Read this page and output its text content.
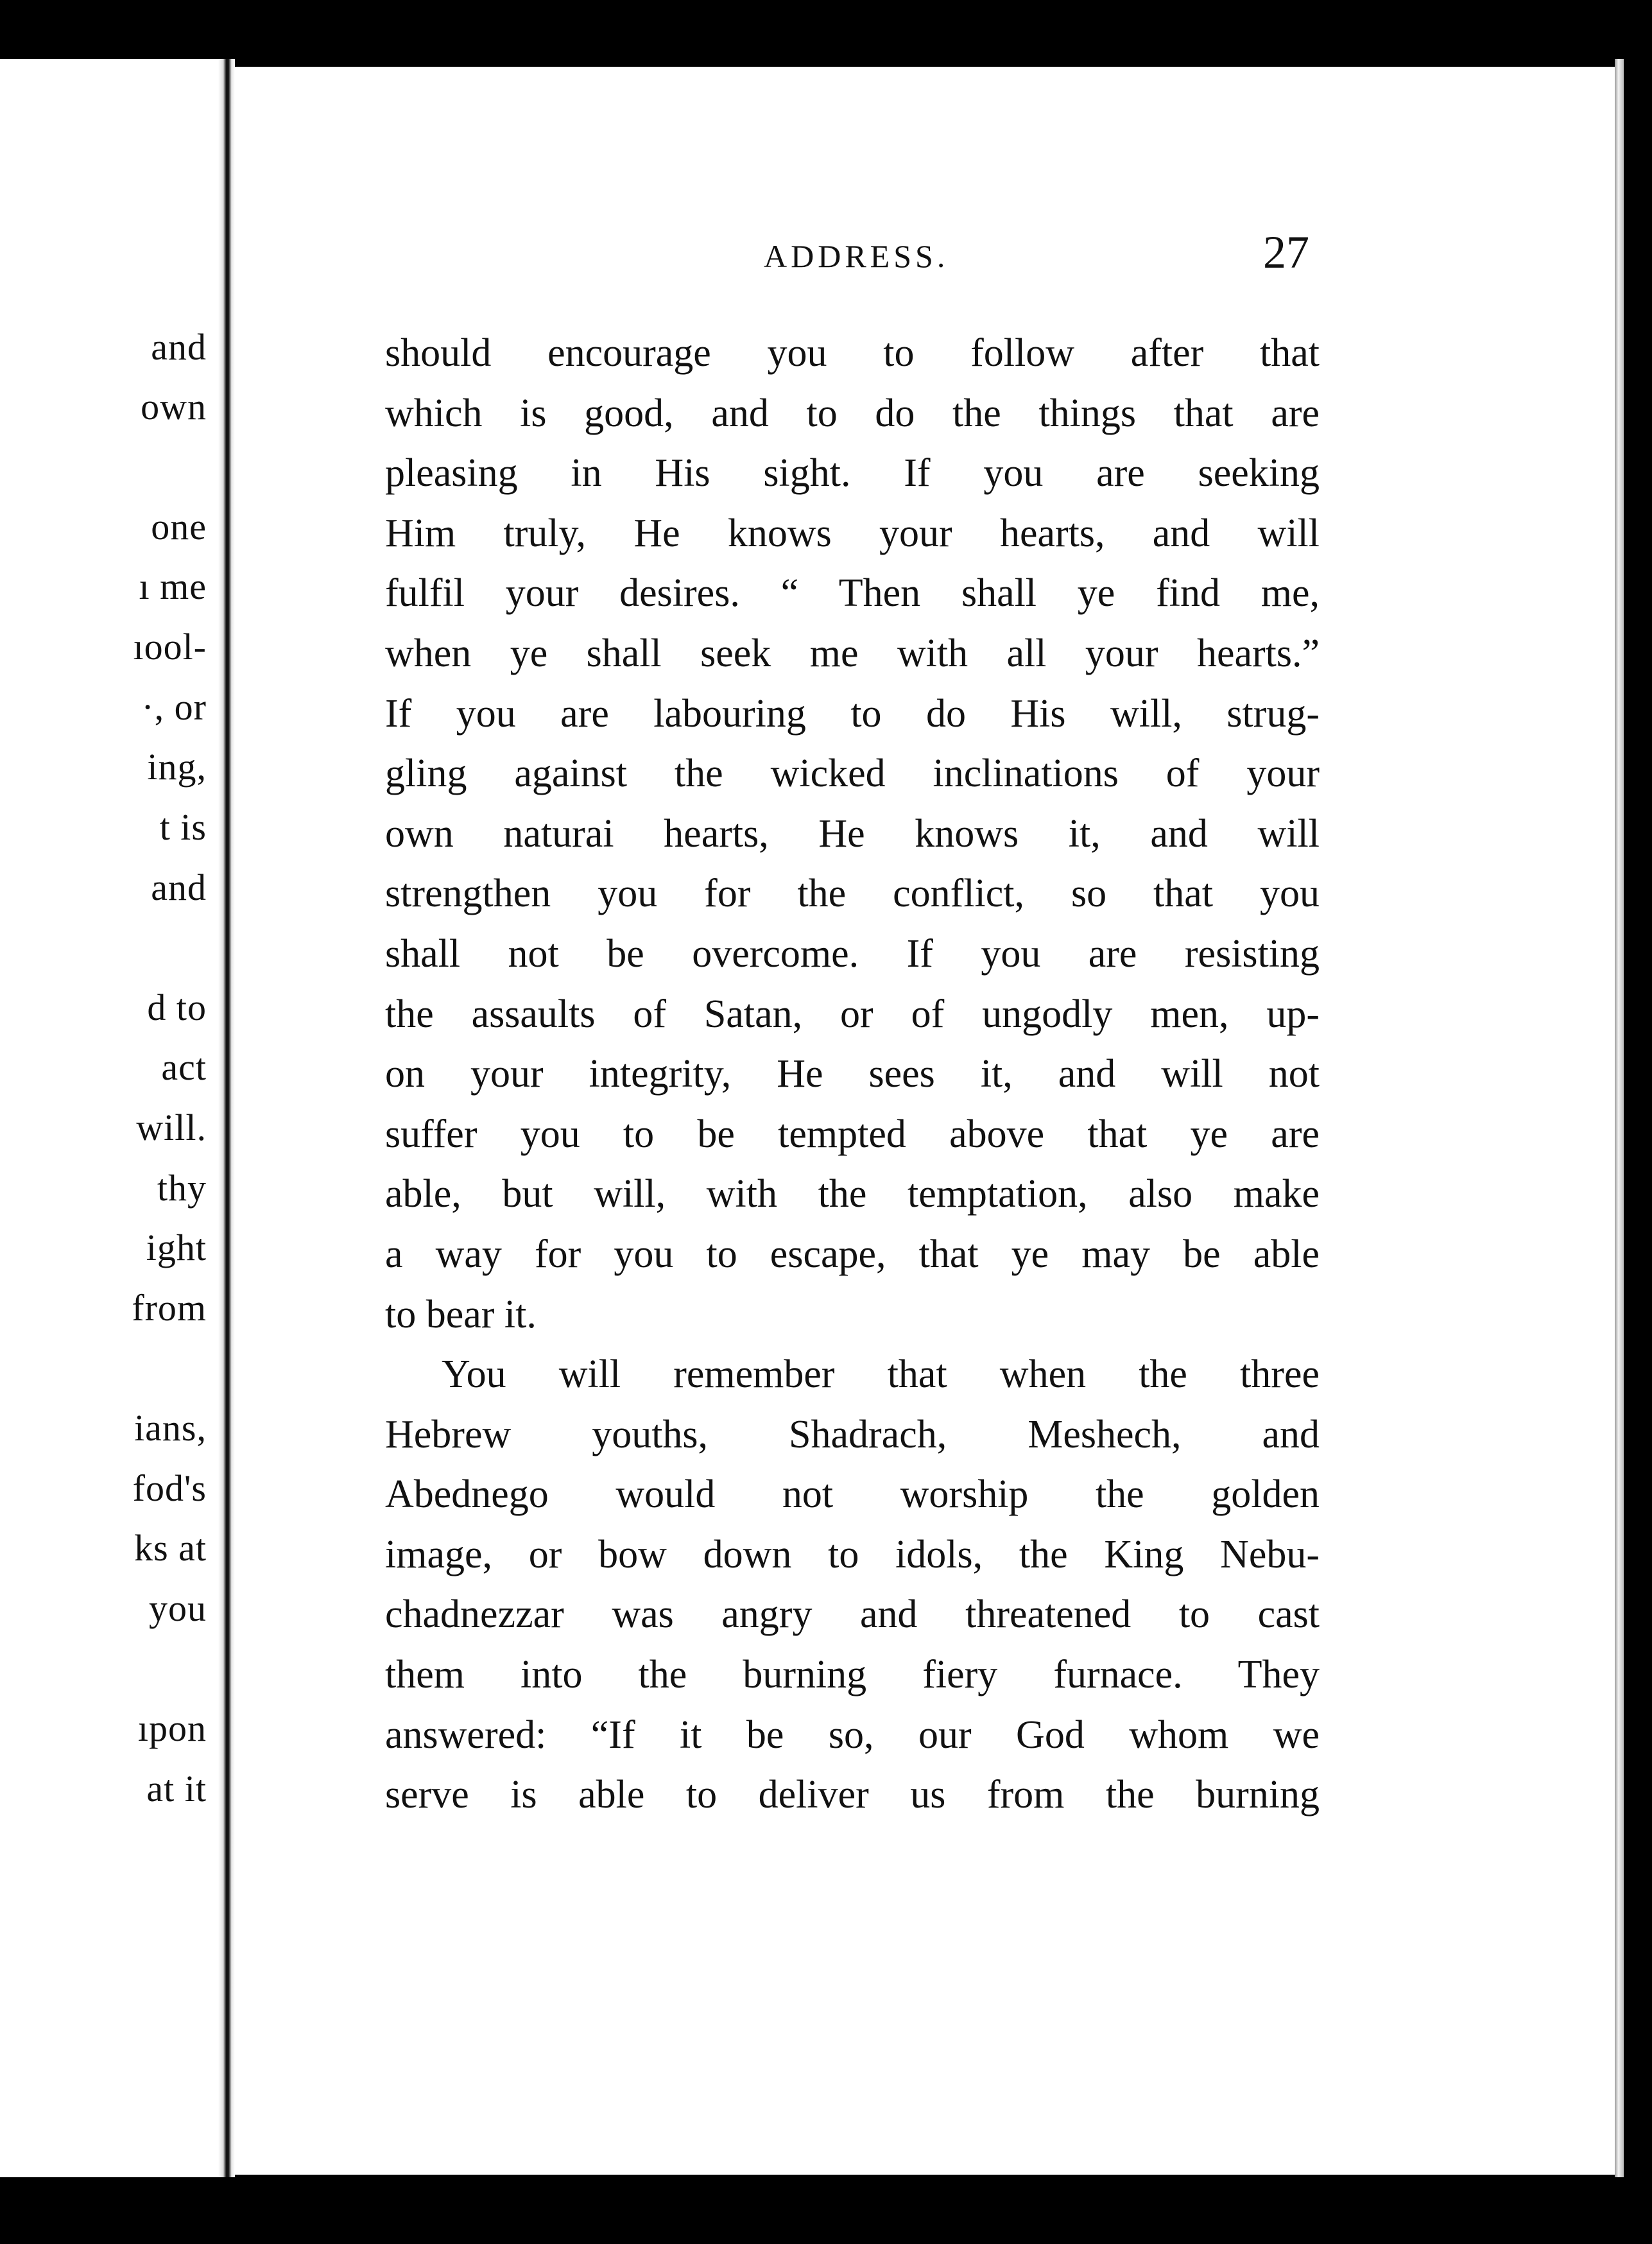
and
own
one
ı me
ıool-
·, or
ing,
t is
and
d to
act
will.
thy
ight
from
ians,
fod's
ks at
you
ıpon
at it
ADDRESS.	27
should encourage you to follow after that
which is good, and to do the things that are
pleasing in His sight. If you are seeking
Him truly, He knows your hearts, and will
fulfil your desires. “ Then shall ye find me,
when ye shall seek me with all your hearts.”
If you are labouring to do His will, strug-
gling against the wicked inclinations of your
own naturai hearts, He knows it, and will
strengthen you for the conflict, so that you
shall not be overcome. If you are resisting
the assaults of Satan, or of ungodly men, up-
on your integrity, He sees it, and will not
suffer you to be tempted above that ye are
able, but will, with the temptation, also make
a way for you to escape, that ye may be able
to bear it.
You will remember that when the three
Hebrew youths, Shadrach, Meshech, and
Abednego would not worship the golden
image, or bow down to idols, the King Nebu-
chadnezzar was angry and threatened to cast
them into the burning fiery furnace. They
answered: “If it be so, our God whom we
serve is able to deliver us from the burning
